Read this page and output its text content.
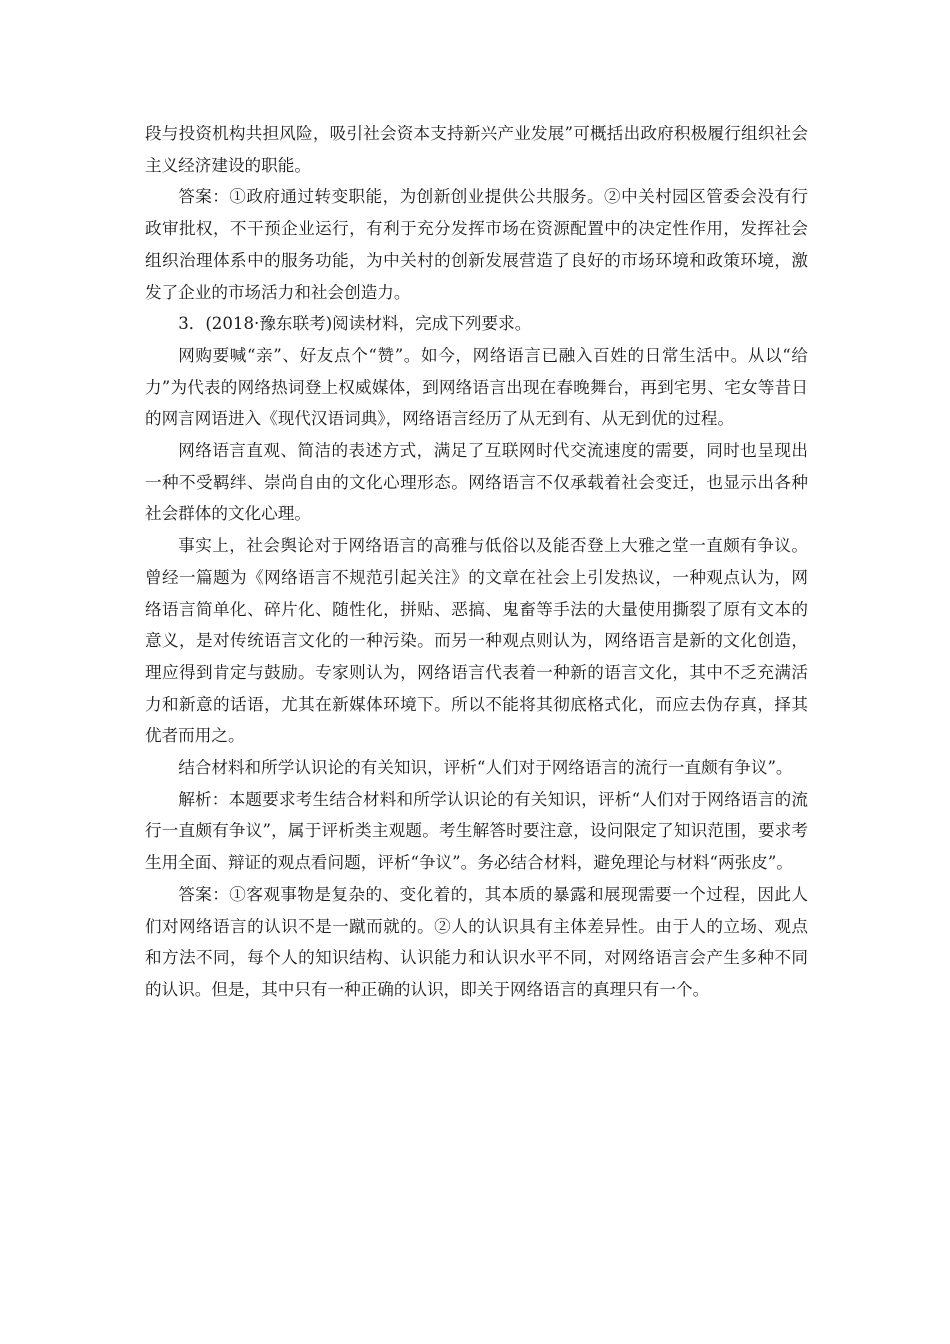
段与投资机构共担风险，吸引社会资本支持新兴产业发展”可概括出政府积极履行组织社会主义经济建设的职能。

答案：①政府通过转变职能，为创新创业提供公共服务。②中关村园区管委会没有行政审批权，不干预企业运行，有利于充分发挥市场在资源配置中的决定性作用，发挥社会组织治理体系中的服务功能，为中关村的创新发展营造了良好的市场环境和政策环境，激发了企业的市场活力和社会创造力。

3．(2018·豫东联考)阅读材料，完成下列要求。

网购要喊“亲”、好友点个“赞”。如今，网络语言已融入百姓的日常生活中。从以“给力”为代表的网络热词登上权威媒体，到网络语言出现在春晚舞台，再到宅男、宅女等昔日的网言网语进入《现代汉语词典》，网络语言经历了从无到有、从无到优的过程。

网络语言直观、简洁的表述方式，满足了互联网时代交流速度的需要，同时也呈现出一种不受羁绊、崇尚自由的文化心理形态。网络语言不仅承载着社会变迁，也显示出各种社会群体的文化心理。

事实上，社会舆论对于网络语言的高雅与低俗以及能否登上大雅之堂一直颇有争议。曾经一篇题为《网络语言不规范引起关注》的文章在社会上引发热议，一种观点认为，网络语言简单化、碎片化、随性化，拼贴、恶搞、鬼畜等手法的大量使用撕裂了原有文本的意义，是对传统语言文化的一种污染。而另一种观点则认为，网络语言是新的文化创造，理应得到肯定与鼓励。专家则认为，网络语言代表着一种新的语言文化，其中不乏充满活力和新意的话语，尤其在新媒体环境下。所以不能将其彻底格式化，而应去伪存真，择其优者而用之。

结合材料和所学认识论的有关知识，评析“人们对于网络语言的流行一直颇有争议”。

解析：本题要求考生结合材料和所学认识论的有关知识，评析“人们对于网络语言的流行一直颇有争议”，属于评析类主观题。考生解答时要注意，设问限定了知识范围，要求考生用全面、辩证的观点看问题，评析“争议”。务必结合材料，避免理论与材料“两张皮”。

答案：①客观事物是复杂的、变化着的，其本质的暴露和展现需要一个过程，因此人们对网络语言的认识不是一蹴而就的。②人的认识具有主体差异性。由于人的立场、观点和方法不同，每个人的知识结构、认识能力和认识水平不同，对网络语言会产生多种不同的认识。但是，其中只有一种正确的认识，即关于网络语言的真理只有一个。
